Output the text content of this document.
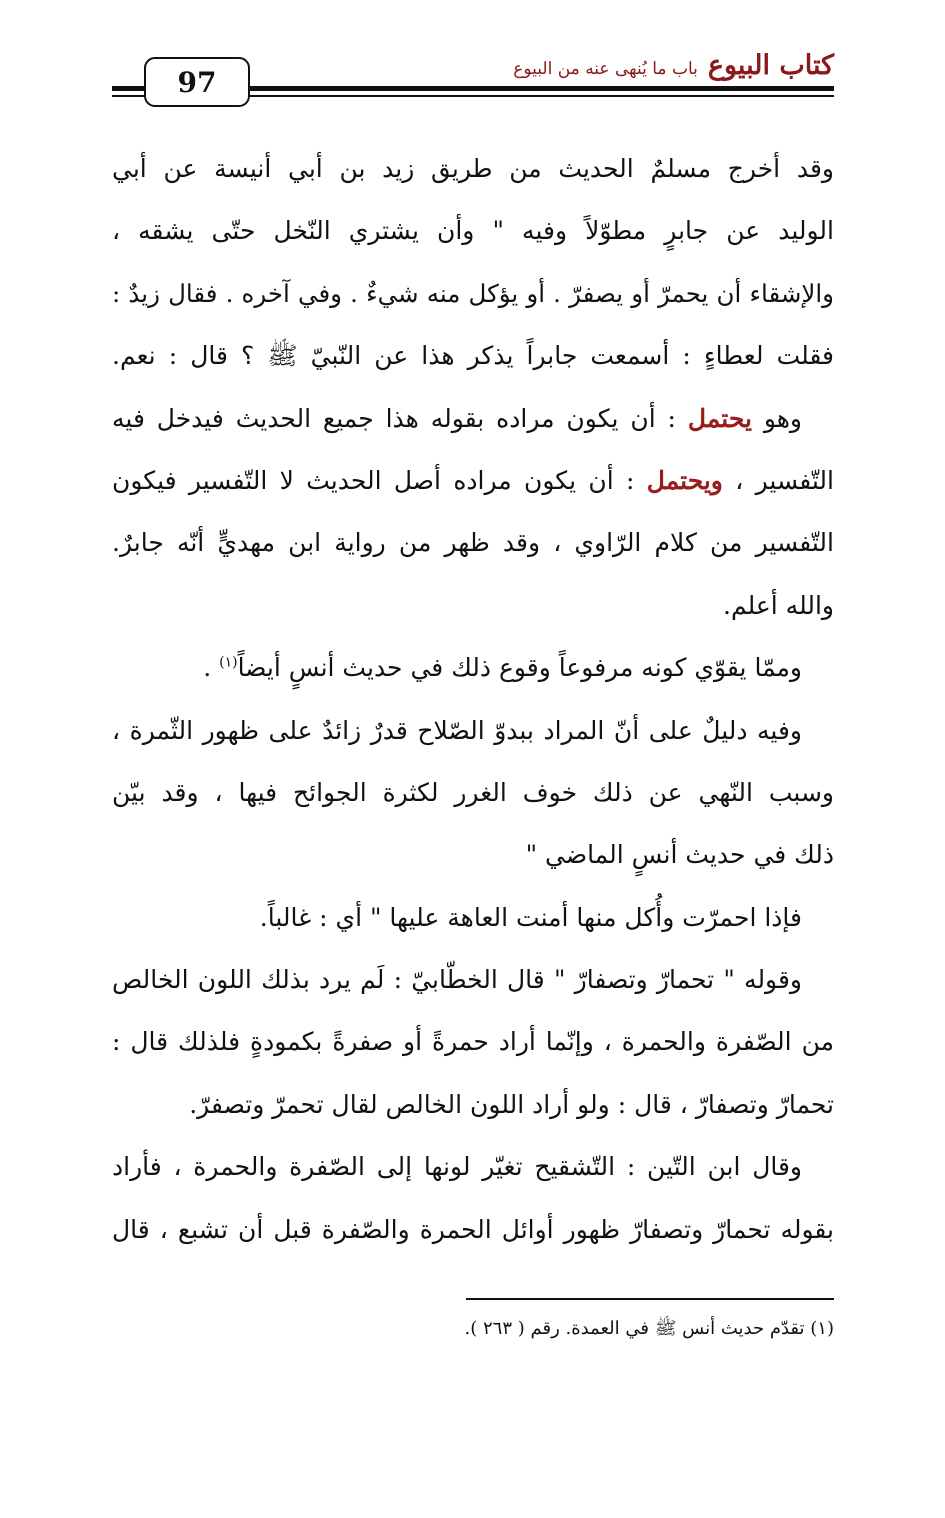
97	كتاب البيوع
باب ما يُنهى عنه من البيوع
وقد أخرج مسلمٌ الحديث من طريق زيد بن أبي أنيسة عن أبي
الوليد عن جابرٍ مطوّلاً وفيه " وأن يشتري النّخل حتّى يشقه ،
والإشقاء أن يحمرّ أو يصفرّ . أو يؤكل منه شيءٌ . وفي آخره . فقال زيدٌ :
فقلت لعطاءٍ : أسمعت جابراً يذكر هذا عن النّبيّ ﷺ ؟ قال : نعم.
وهو يحتمل : أن يكون مراده بقوله هذا جميع الحديث فيدخل فيه
التّفسير ، ويحتمل : أن يكون مراده أصل الحديث لا التّفسير فيكون
التّفسير من كلام الرّاوي ، وقد ظهر من رواية ابن مهديٍّ أنّه جابرٌ.
والله أعلم.
وممّا يقوّي كونه مرفوعاً وقوع ذلك في حديث أنسٍ أيضاً$^{(١)}$ .
وفيه دليلٌ على أنّ المراد ببدوّ الصّلاح قدرٌ زائدٌ على ظهور الثّمرة ،
وسبب النّهي عن ذلك خوف الغرر لكثرة الجوائح فيها ، وقد بيّن
ذلك في حديث أنسٍ الماضي "
فإذا احمرّت وأُكل منها أمنت العاهة عليها " أي : غالباً.
وقوله " تحمارّ وتصفارّ " قال الخطّابيّ : لَم يرد بذلك اللون الخالص
من الصّفرة والحمرة ، وإنّما أراد حمرةً أو صفرةً بكمودةٍ فلذلك قال :
تحمارّ وتصفارّ ، قال : ولو أراد اللون الخالص لقال تحمرّ وتصفرّ.
وقال ابن التّين : التّشقيح تغيّر لونها إلى الصّفرة والحمرة ، فأراد
بقوله تحمارّ وتصفارّ ظهور أوائل الحمرة والصّفرة قبل أن تشبع ، قال
(١) تقدّم حديث أنس ﷺ في العمدة. رقم ( ٢٦٣ ).
